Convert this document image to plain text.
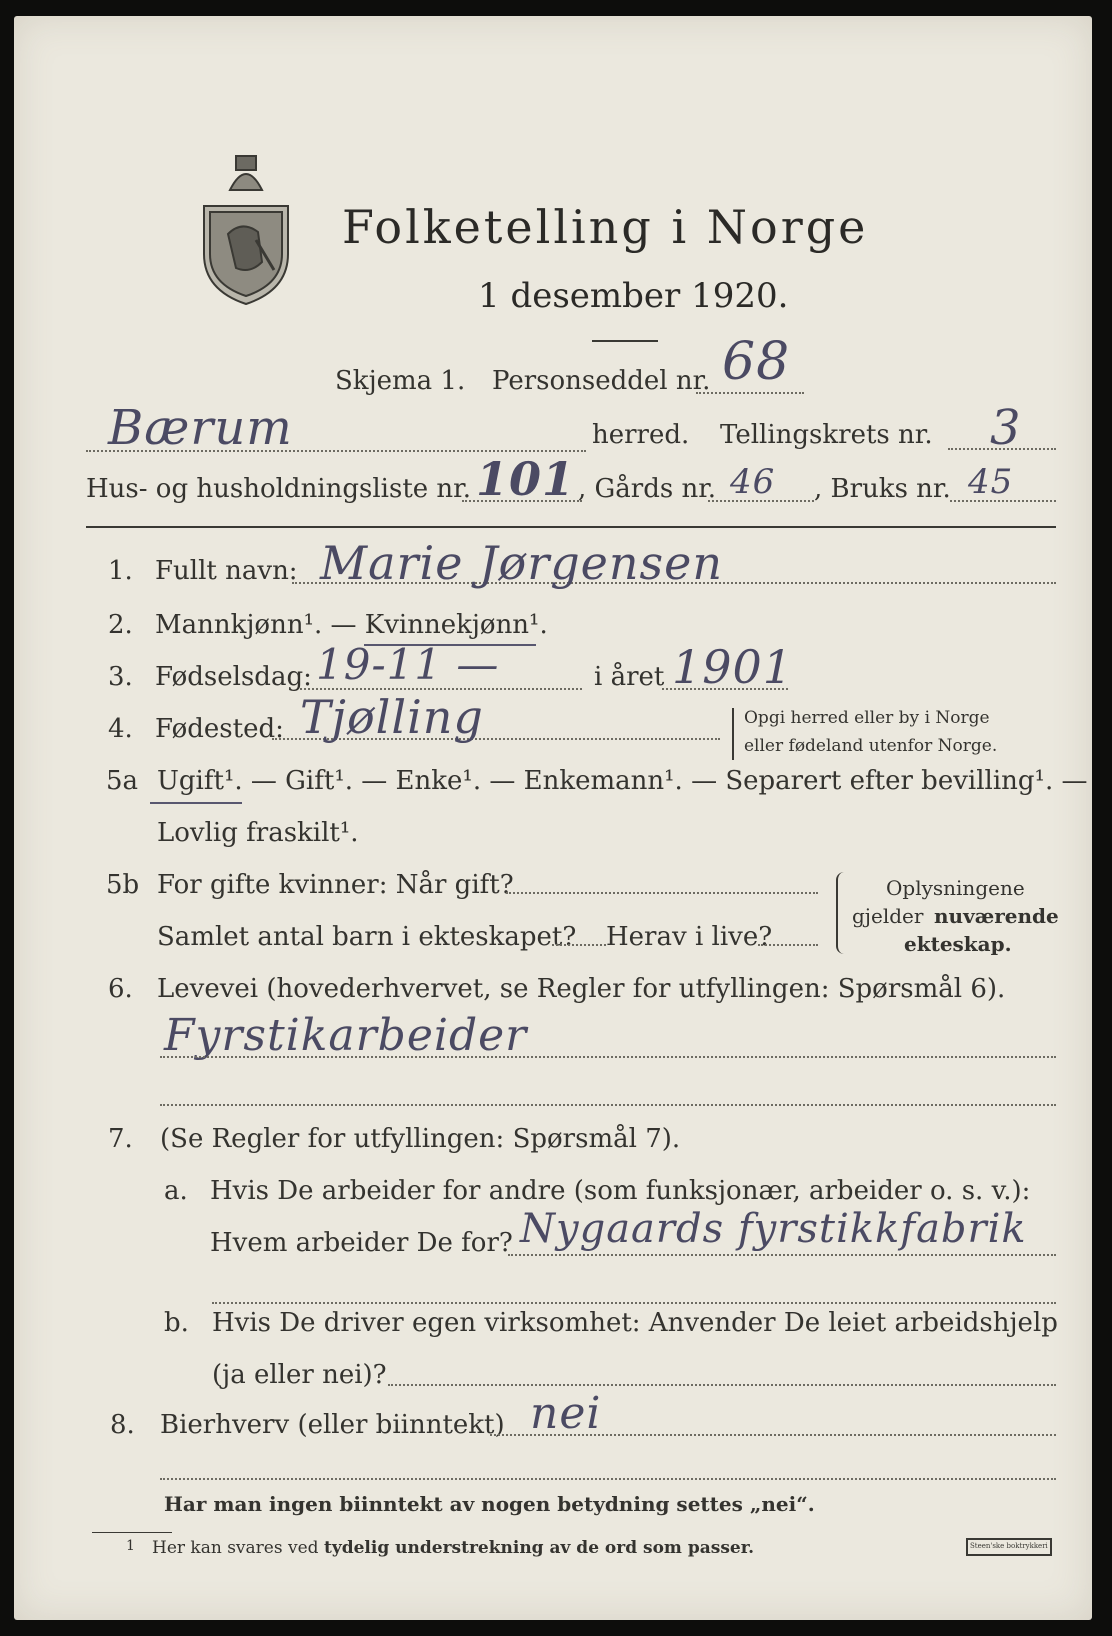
Folketelling i Norge
1 desember 1920.
Skjema 1. Personseddel nr. 68
Bærum	herred. Tellingskrets nr. 3
Hus- og husholdningsliste nr. 101 , Gårds nr. 46 , Bruks nr. 45
1. Fullt navn: Marie Jørgensen
2. Mannkjønn¹. — Kvinnekjønn¹.
3. Fødselsdag: 19-11 —	i året 1901
4. Fødested: Tjølling	Opgi herred eller by i Norge
eller fødeland utenfor Norge.
5a Ugift¹. — Gift¹. — Enke¹. — Enkemann¹. — Separert efter bevilling¹. —
Lovlig fraskilt¹.
5b For gifte kvinner: Når gift?
Samlet antal barn i ekteskapet? Herav i live?
Oplysningene
gjelder nuværende
ekteskap.
6. Levevei (hovederhvervet, se Regler for utfyllingen: Spørsmål 6).
Fyrstikarbeider
7. (Se Regler for utfyllingen: Spørsmål 7).
a. Hvis De arbeider for andre (som funksjonær, arbeider o. s. v.):
Hvem arbeider De for? Nygaards fyrstikkfabrik
b. Hvis De driver egen virksomhet: Anvender De leiet arbeidshjelp
(ja eller nei)?
8. Bierhverv (eller biinntekt) nei
Har man ingen biinntekt av nogen betydning settes „nei“.
1 Her kan svares ved tydelig understrekning av de ord som passer.	Steen'ske boktrykkeri
